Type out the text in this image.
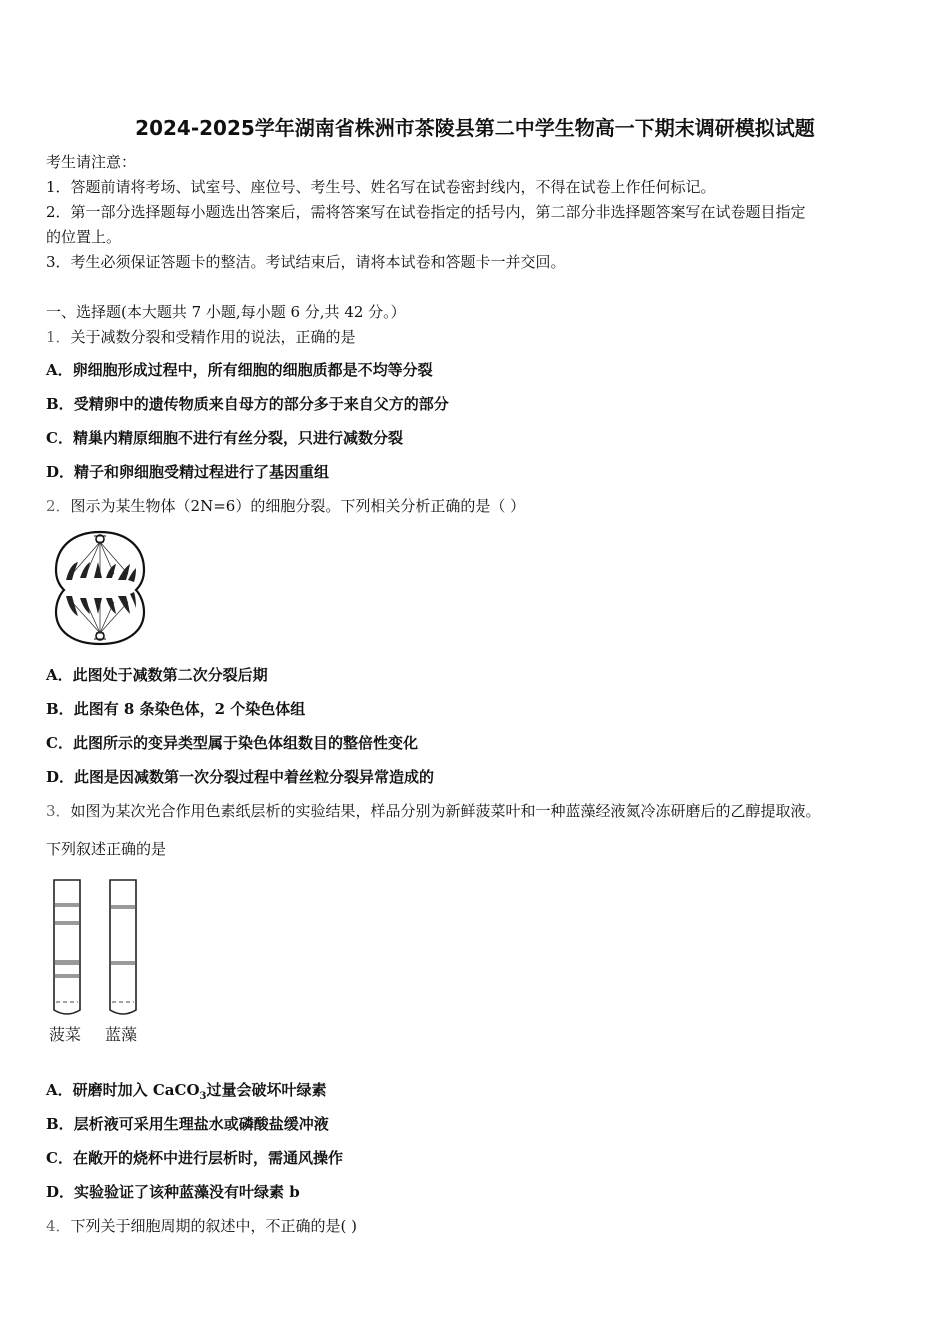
2024-2025学年湖南省株洲市茶陵县第二中学生物高一下期末调研模拟试题
考生请注意：
1．答题前请将考场、试室号、座位号、考生号、姓名写在试卷密封线内，不得在试卷上作任何标记。
2．第一部分选择题每小题选出答案后，需将答案写在试卷指定的括号内，第二部分非选择题答案写在试卷题目指定
的位置上。
3．考生必须保证答题卡的整洁。考试结束后，请将本试卷和答题卡一并交回。
一、选择题(本大题共 7 小题,每小题 6 分,共 42 分。）
1．关于减数分裂和受精作用的说法，正确的是
A．卵细胞形成过程中，所有细胞的细胞质都是不均等分裂
B．受精卵中的遗传物质来自母方的部分多于来自父方的部分
C．精巢内精原细胞不进行有丝分裂，只进行减数分裂
D．精子和卵细胞受精过程进行了基因重组
2．图示为某生物体（2N=6）的细胞分裂。下列相关分析正确的是（ ）
A．此图处于减数第二次分裂后期
B．此图有 8 条染色体，2 个染色体组
C．此图所示的变异类型属于染色体组数目的整倍性变化
D．此图是因减数第一次分裂过程中着丝粒分裂异常造成的
3．如图为某次光合作用色素纸层析的实验结果，样品分别为新鲜菠菜叶和一种蓝藻经液氮冷冻研磨后的乙醇提取液。
下列叙述正确的是
菠菜 蓝藻
A．研磨时加入 CaCO$_3$过量会破坏叶绿素
B．层析液可采用生理盐水或磷酸盐缓冲液
C．在敞开的烧杯中进行层析时，需通风操作
D．实验验证了该种蓝藻没有叶绿素 b
4．下列关于细胞周期的叙述中，不正确的是( )
